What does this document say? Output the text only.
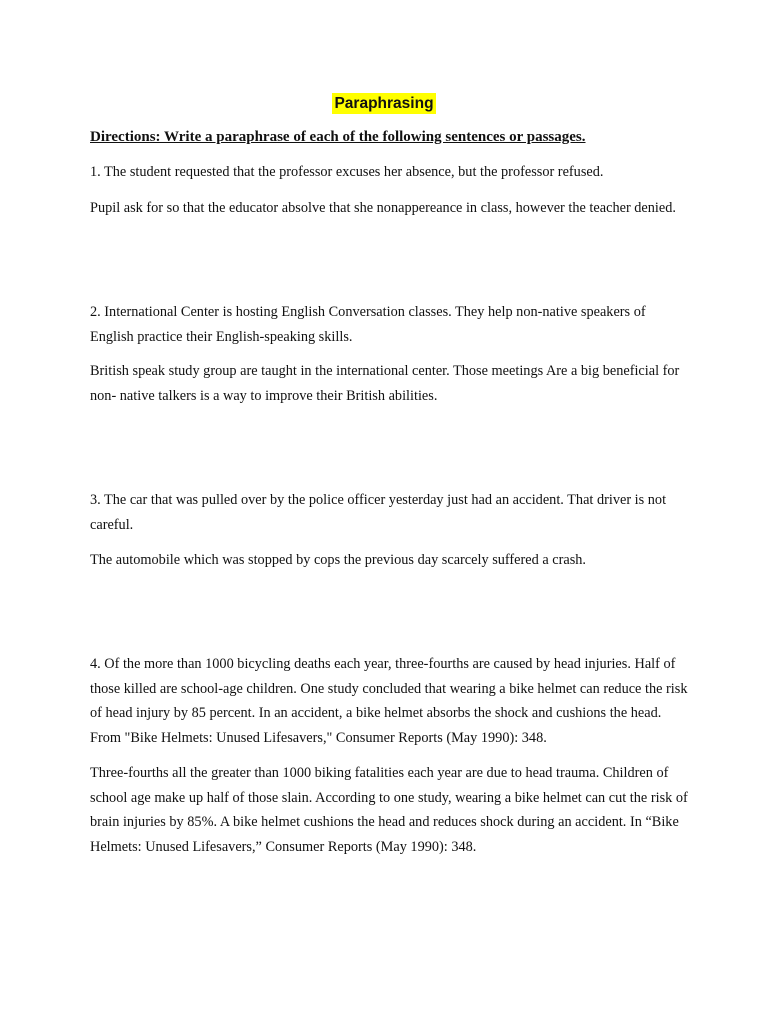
Paraphrasing
Directions: Write a paraphrase of each of the following sentences or passages.

1. The student requested that the professor excuses her absence, but the professor refused.

Pupil ask for so that the educator absolve that she nonappereance in class, however the teacher denied.

2. International Center is hosting English Conversation classes. They help non-native speakers of English practice their English-speaking skills.

British speak study group are taught in the international center. Those meetings Are a big beneficial for non- native talkers is a way to improve their British abilities.

3. The car that was pulled over by the police officer yesterday just had an accident. That driver is not careful.

The automobile which was stopped by cops the previous day scarcely suffered a crash.

4. Of the more than 1000 bicycling deaths each year, three-fourths are caused by head injuries. Half of those killed are school-age children. One study concluded that wearing a bike helmet can reduce the risk of head injury by 85 percent. In an accident, a bike helmet absorbs the shock and cushions the head. From "Bike Helmets: Unused Lifesavers," Consumer Reports (May 1990): 348.

Three-fourths all the greater than 1000 biking fatalities each year are due to head trauma. Children of school age make up half of those slain. According to one study, wearing a bike helmet can cut the risk of brain injuries by 85%. A bike helmet cushions the head and reduces shock during an accident. In “Bike Helmets: Unused Lifesavers,” Consumer Reports (May 1990): 348.
